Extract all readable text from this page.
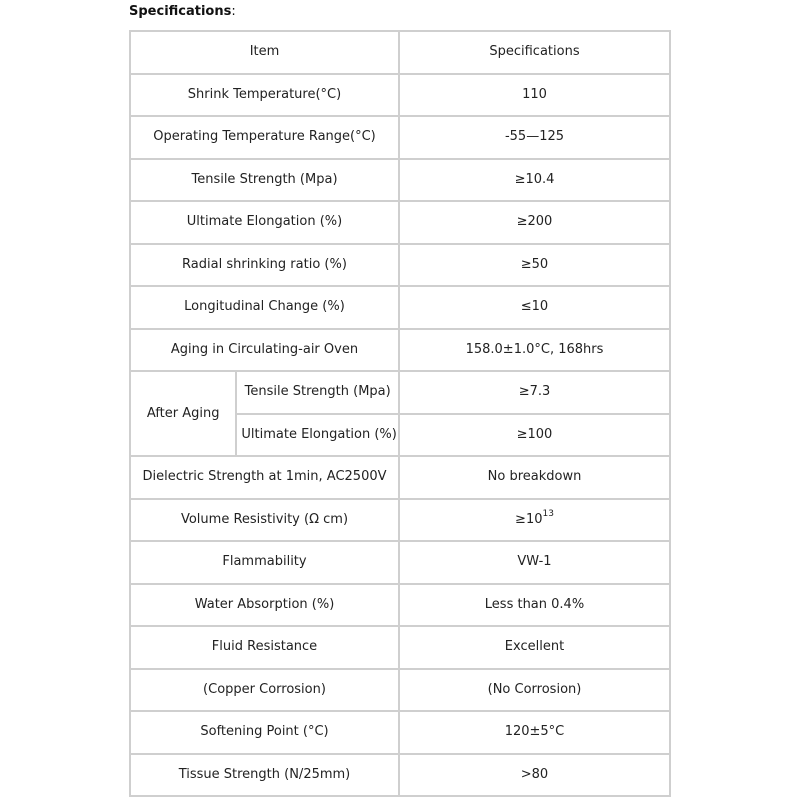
Specifications:
Item		Specifications
Shrink Temperature(°C)		110
Operating Temperature Range(°C)		-55—125
Tensile Strength (Mpa)		≥10.4
Ultimate Elongation (%)		≥200
Radial shrinking ratio (%)		≥50
Longitudinal Change (%)		≤10
Aging in Circulating-air Oven		158.0±1.0°C, 168hrs
After Aging	Tensile Strength (Mpa)	≥7.3
	Ultimate Elongation (%)	≥100
Dielectric Strength at 1min, AC2500V		No breakdown
Volume Resistivity (Ω cm)		$\ge 10^{13}$
Flammability		VW-1
Water Absorption (%)		Less than 0.4%
Fluid Resistance		Excellent
(Copper Corrosion)		(No Corrosion)
Softening Point (°C)		120±5°C
Tissue Strength (N/25mm)		>80
